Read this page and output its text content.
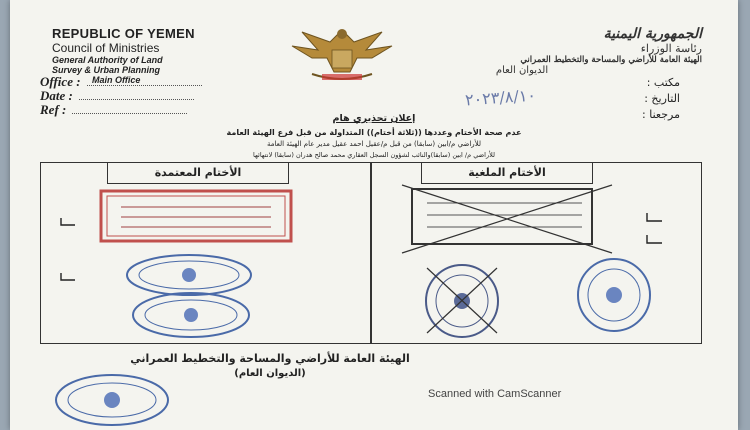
REPUBLIC OF YEMEN
Council of Ministries
General Authority of Land
Survey & Urban Planning
Main Office
الجمهورية اليمنية
رئاسة الوزراء
الهيئة العامة للأراضي والمساحة والتخطيط العمراني
الديوان العام
Office :
Date :
Ref :
مكتب :
التاريخ :
مرجعنا :
٢٠٢٣/٨/١٠
إعلان تحذيري هام
عدم صحة الأختام وعددها ((ثلاثة أختام)) المتداولة من قبل فرع الهيئة العامة
للأراضي م/ابين (سابقا) من قبل م/عقيل احمد عقيل مدير عام الهيئة العامة
للأراضي م/ ابين (سابقا)والنائب لشؤون السجل العقاري محمد صالح هدران (سابقا) لانتهائها
الأختام المعتمدة	الأختام الملغية
الهيئة العامة للأراضي والمساحة والتخطيط العمراني
(الديوان العام)
Scanned with CamScanner
